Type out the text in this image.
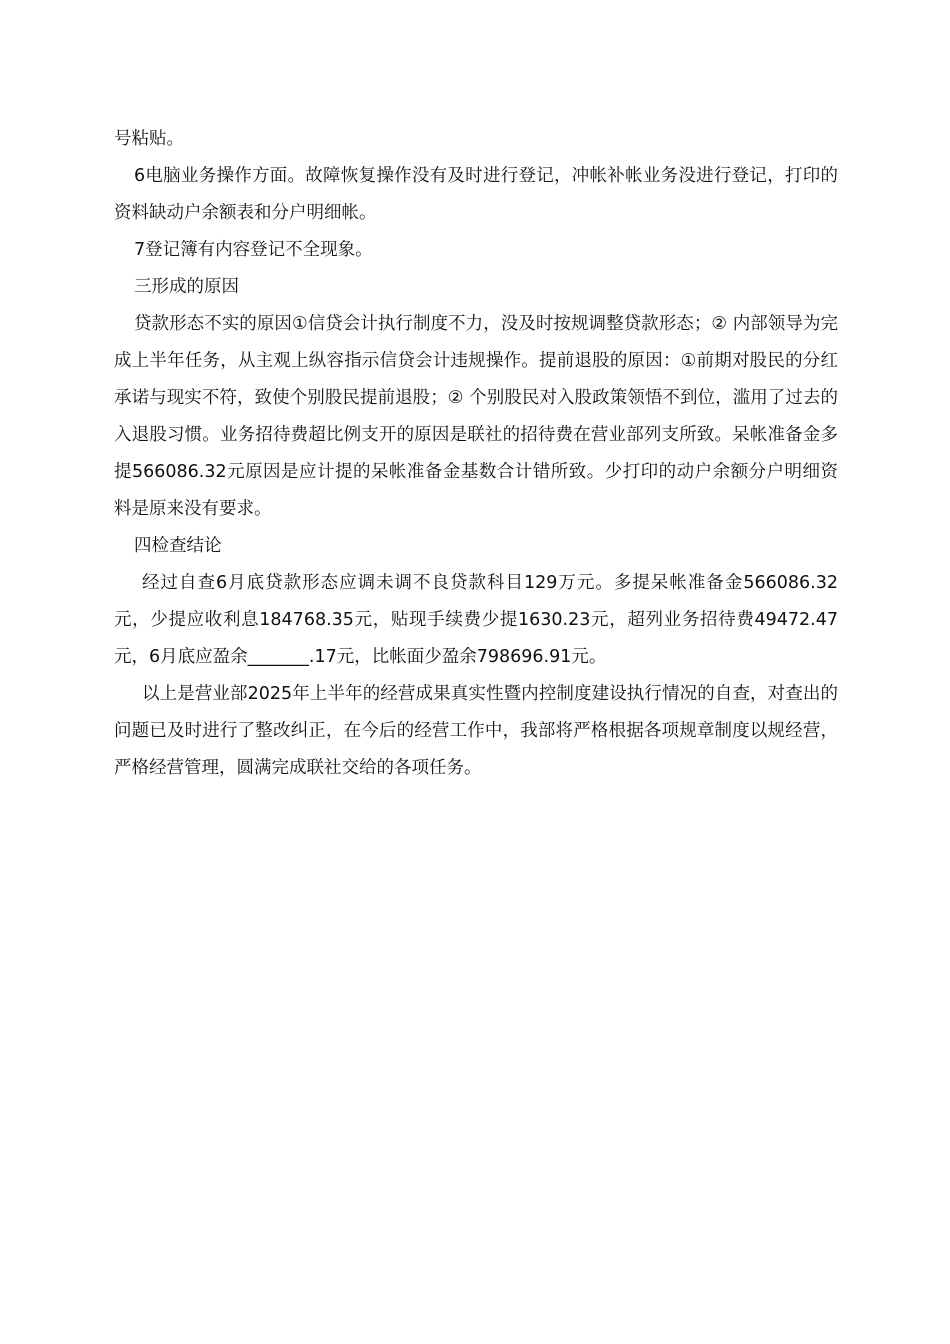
号粘贴。

6电脑业务操作方面。故障恢复操作没有及时进行登记，冲帐补帐业务没进行登记，打印的资料缺动户余额表和分户明细帐。

7登记簿有内容登记不全现象。

三形成的原因

贷款形态不实的原因①信贷会计执行制度不力，没及时按规调整贷款形态；② 内部领导为完成上半年任务，从主观上纵容指示信贷会计违规操作。提前退股的原因：①前期对股民的分红承诺与现实不符，致使个别股民提前退股；② 个别股民对入股政策领悟不到位，滥用了过去的入退股习惯。业务招待费超比例支开的原因是联社的招待费在营业部列支所致。呆帐准备金多提566086.32元原因是应计提的呆帐准备金基数合计错所致。少打印的动户余额分户明细资料是原来没有要求。

四检查结论

经过自查6月底贷款形态应调未调不良贷款科目129万元。多提呆帐准备金566086.32元，少提应收利息184768.35元，贴现手续费少提1630.23元，超列业务招待费49472.47元，6月底应盈余_______.17元，比帐面少盈余798696.91元。

以上是营业部2025年上半年的经营成果真实性暨内控制度建设执行情况的自查，对查出的问题已及时进行了整改纠正，在今后的经营工作中，我部将严格根据各项规章制度以规经营，严格经营管理，圆满完成联社交给的各项任务。
